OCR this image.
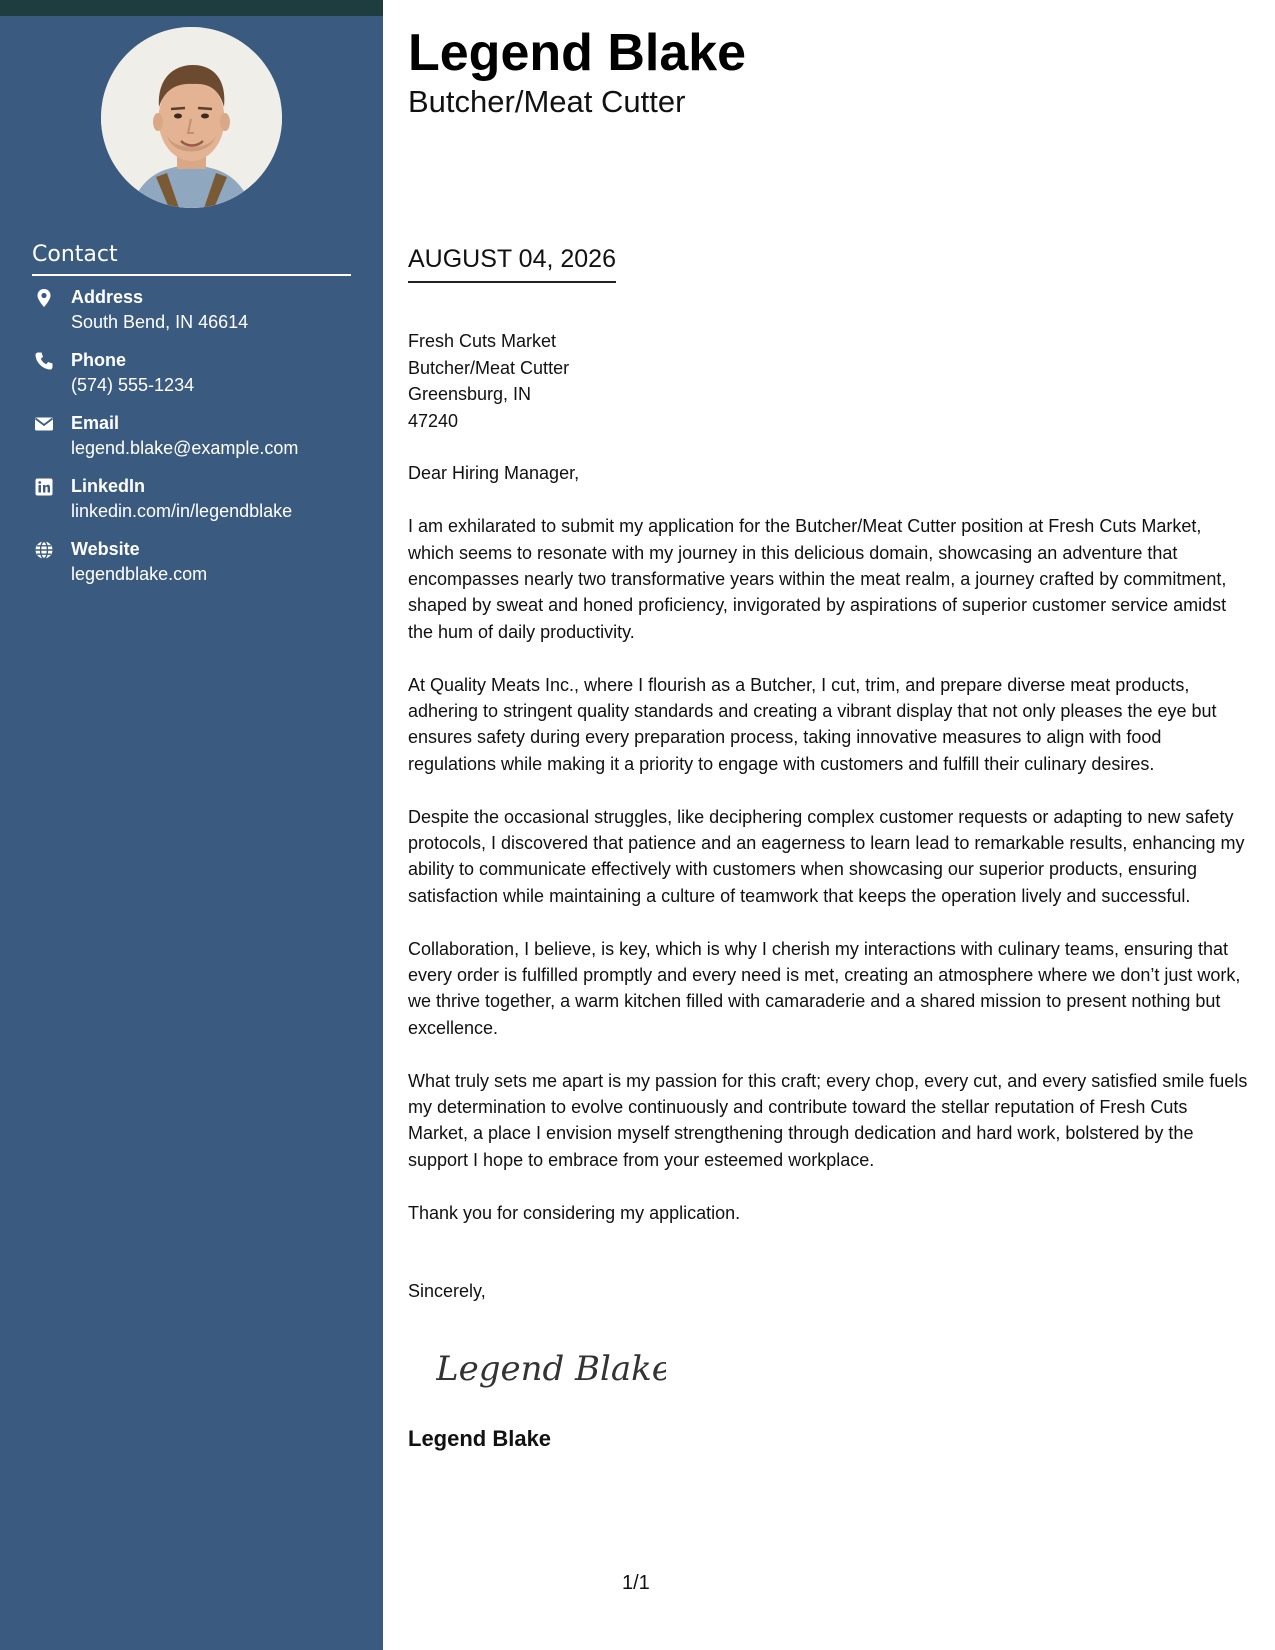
Contact
Address
South Bend, IN 46614
Phone
(574) 555-1234
Email
legend.blake@example.com
LinkedIn
linkedin.com/in/legendblake
Website
legendblake.com
Legend Blake
Butcher/Meat Cutter
AUGUST 04, 2026

Fresh Cuts Market
Butcher/Meat Cutter
Greensburg, IN
47240

Dear Hiring Manager,

I am exhilarated to submit my application for the Butcher/Meat Cutter position at Fresh Cuts Market, which seems to resonate with my journey in this delicious domain, showcasing an adventure that encompasses nearly two transformative years within the meat realm, a journey crafted by commitment, shaped by sweat and honed proficiency, invigorated by aspirations of superior customer service amidst the hum of daily productivity.

At Quality Meats Inc., where I flourish as a Butcher, I cut, trim, and prepare diverse meat products, adhering to stringent quality standards and creating a vibrant display that not only pleases the eye but ensures safety during every preparation process, taking innovative measures to align with food regulations while making it a priority to engage with customers and fulfill their culinary desires.

Despite the occasional struggles, like deciphering complex customer requests or adapting to new safety protocols, I discovered that patience and an eagerness to learn lead to remarkable results, enhancing my ability to communicate effectively with customers when showcasing our superior products, ensuring satisfaction while maintaining a culture of teamwork that keeps the operation lively and successful.

Collaboration, I believe, is key, which is why I cherish my interactions with culinary teams, ensuring that every order is fulfilled promptly and every need is met, creating an atmosphere where we don’t just work, we thrive together, a warm kitchen filled with camaraderie and a shared mission to present nothing but excellence.

What truly sets me apart is my passion for this craft; every chop, every cut, and every satisfied smile fuels my determination to evolve continuously and contribute toward the stellar reputation of Fresh Cuts Market, a place I envision myself strengthening through dedication and hard work, bolstered by the support I hope to embrace from your esteemed workplace.

Thank you for considering my application.

Sincerely,

Legend Blake
Legend Blake
1/1
